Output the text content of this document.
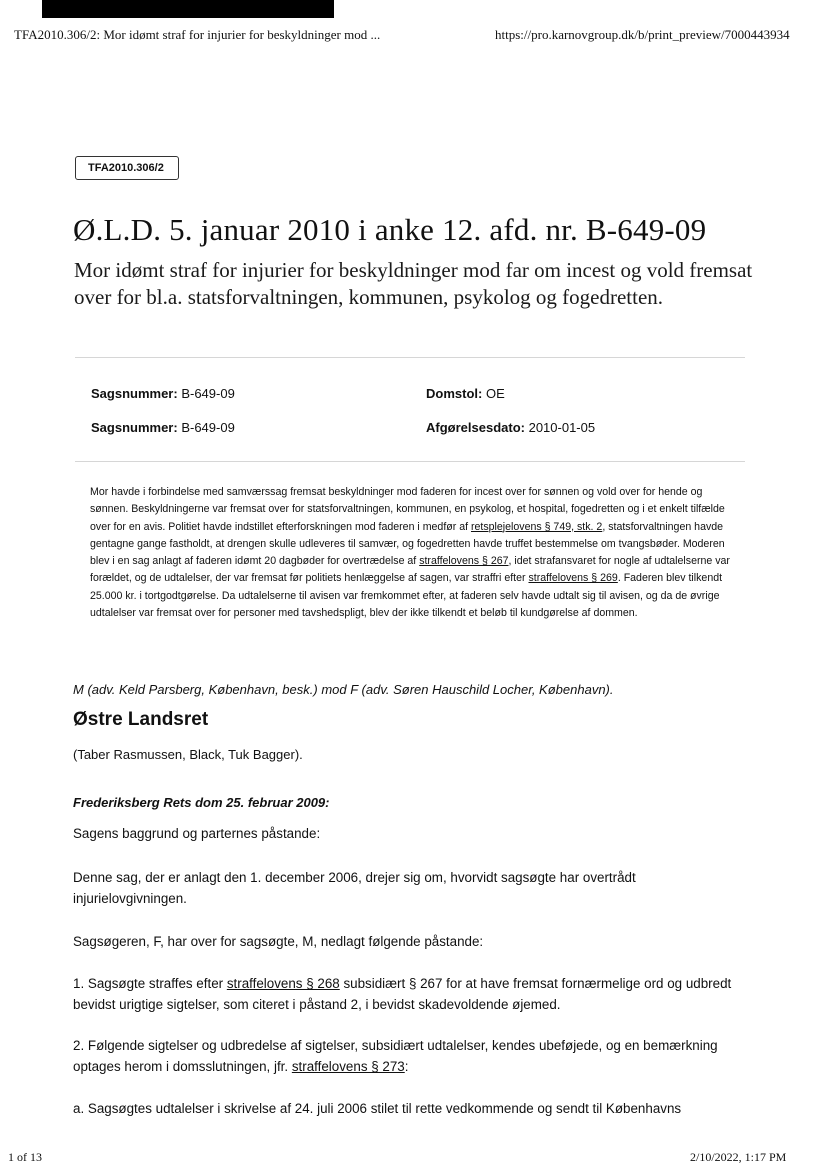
TFA2010.306/2: Mor idømt straf for injurier for beskyldninger mod ...	https://pro.karnovgroup.dk/b/print_preview/7000443934
TFA2010.306/2
Ø.L.D. 5. januar 2010 i anke 12. afd. nr. B-649-09
Mor idømt straf for injurier for beskyldninger mod far om incest og vold fremsat over for bl.a. statsforvaltningen, kommunen, psykolog og fogedretten.
Sagsnummer: B-649-09	Domstol: OE
Sagsnummer: B-649-09	Afgørelsesdato: 2010-01-05

Mor havde i forbindelse med samværssag fremsat beskyldninger mod faderen for incest over for sønnen og vold over for hende og sønnen. Beskyldningerne var fremsat over for statsforvaltningen, kommunen, en psykolog, et hospital, fogedretten og i et enkelt tilfælde over for en avis. Politiet havde indstillet efterforskningen mod faderen i medfør af retsplejelovens § 749, stk. 2, statsforvaltningen havde gentagne gange fastholdt, at drengen skulle udleveres til samvær, og fogedretten havde truffet bestemmelse om tvangsbøder. Moderen blev i en sag anlagt af faderen idømt 20 dagbøder for overtrædelse af straffelovens § 267, idet strafansvaret for nogle af udtalelserne var forældet, og de udtalelser, der var fremsat før politiets henlæggelse af sagen, var straffri efter straffelovens § 269. Faderen blev tilkendt 25.000 kr. i tortgodtgørelse. Da udtalelserne til avisen var fremkommet efter, at faderen selv havde udtalt sig til avisen, og da de øvrige udtalelser var fremsat over for personer med tavshedspligt, blev der ikke tilkendt et beløb til kundgørelse af dommen.

M (adv. Keld Parsberg, København, besk.) mod F (adv. Søren Hauschild Locher, København).

Østre Landsret

(Taber Rasmussen, Black, Tuk Bagger).

Frederiksberg Rets dom 25. februar 2009:

Sagens baggrund og parternes påstande:

Denne sag, der er anlagt den 1. december 2006, drejer sig om, hvorvidt sagsøgte har overtrådt injurielovgivningen.

Sagsøgeren, F, har over for sagsøgte, M, nedlagt følgende påstande:

1. Sagsøgte straffes efter straffelovens § 268 subsidiært § 267 for at have fremsat fornærmelige ord og udbredt bevidst urigtige sigtelser, som citeret i påstand 2, i bevidst skadevoldende øjemed.

2. Følgende sigtelser og udbredelse af sigtelser, subsidiært udtalelser, kendes ubeføjede, og en bemærkning optages herom i domsslutningen, jfr. straffelovens § 273:

a. Sagsøgtes udtalelser i skrivelse af 24. juli 2006 stilet til rette vedkommende og sendt til Københavns

1 of 13	2/10/2022, 1:17 PM
